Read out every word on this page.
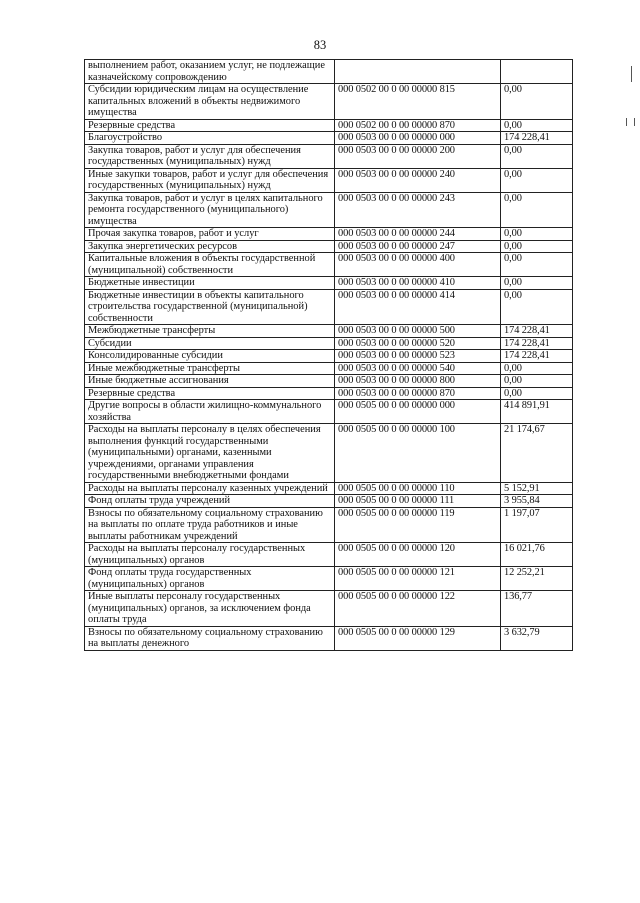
83
выполнением работ, оказанием услуг, не подлежащие казначейскому сопровождению		
Субсидии юридическим лицам на осуществление капитальных вложений в объекты недвижимого имущества	000 0502 00 0 00 00000 815	0,00
Резервные средства	000 0502 00 0 00 00000 870	0,00
Благоустройство	000 0503 00 0 00 00000 000	174 228,41
Закупка товаров, работ и услуг для обеспечения государственных (муниципальных) нужд	000 0503 00 0 00 00000 200	0,00
Иные закупки товаров, работ и услуг для обеспечения государственных (муниципальных) нужд	000 0503 00 0 00 00000 240	0,00
Закупка товаров, работ и услуг в целях капитального ремонта государственного (муниципального) имущества	000 0503 00 0 00 00000 243	0,00
Прочая закупка товаров, работ и услуг	000 0503 00 0 00 00000 244	0,00
Закупка энергетических ресурсов	000 0503 00 0 00 00000 247	0,00
Капитальные вложения в объекты государственной (муниципальной) собственности	000 0503 00 0 00 00000 400	0,00
Бюджетные инвестиции	000 0503 00 0 00 00000 410	0,00
Бюджетные инвестиции в объекты капитального строительства государственной (муниципальной) собственности	000 0503 00 0 00 00000 414	0,00
Межбюджетные трансферты	000 0503 00 0 00 00000 500	174 228,41
Субсидии	000 0503 00 0 00 00000 520	174 228,41
Консолидированные субсидии	000 0503 00 0 00 00000 523	174 228,41
Иные межбюджетные трансферты	000 0503 00 0 00 00000 540	0,00
Иные бюджетные ассигнования	000 0503 00 0 00 00000 800	0,00
Резервные средства	000 0503 00 0 00 00000 870	0,00
Другие вопросы в области жилищно-коммунального хозяйства	000 0505 00 0 00 00000 000	414 891,91
Расходы на выплаты персоналу в целях обеспечения выполнения функций государственными (муниципальными) органами, казенными учреждениями, органами управления государственными внебюджетными фондами	000 0505 00 0 00 00000 100	21 174,67
Расходы на выплаты персоналу казенных учреждений	000 0505 00 0 00 00000 110	5 152,91
Фонд оплаты труда учреждений	000 0505 00 0 00 00000 111	3 955,84
Взносы по обязательному социальному страхованию на выплаты по оплате труда работников и иные выплаты работникам учреждений	000 0505 00 0 00 00000 119	1 197,07
Расходы на выплаты персоналу государственных (муниципальных) органов	000 0505 00 0 00 00000 120	16 021,76
Фонд оплаты труда государственных (муниципальных) органов	000 0505 00 0 00 00000 121	12 252,21
Иные выплаты персоналу государственных (муниципальных) органов, за исключением фонда оплаты труда	000 0505 00 0 00 00000 122	136,77
Взносы по обязательному социальному страхованию на выплаты денежного	000 0505 00 0 00 00000 129	3 632,79
